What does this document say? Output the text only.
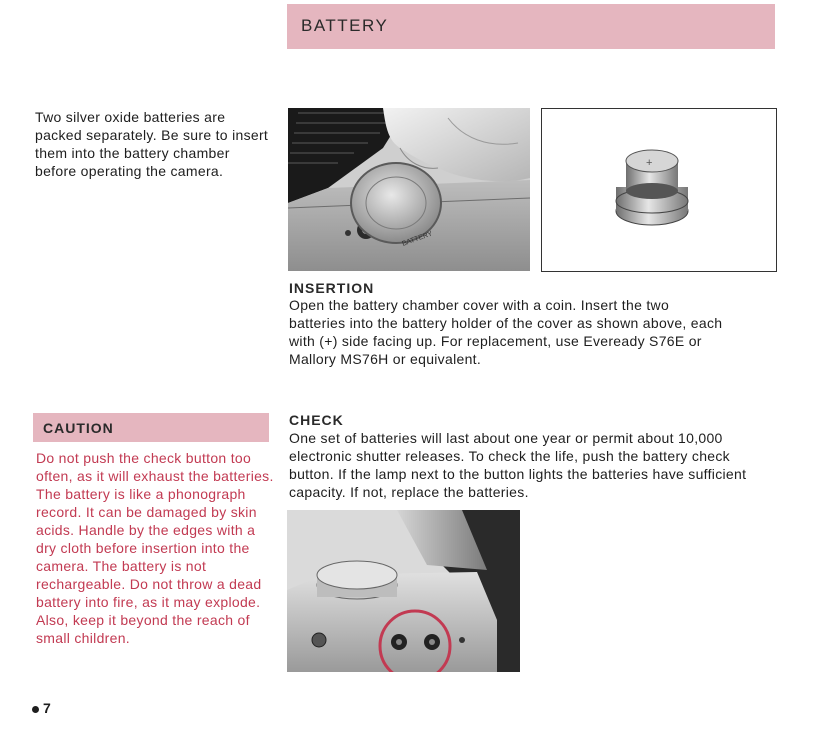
BATTERY
Two silver oxide batteries are packed separately. Be sure to insert them into the battery chamber before operating the camera.
BATTERY
+
INSERTION
Open the battery chamber cover with a coin. Insert the two batteries into the battery holder of the cover as shown above, each with (+) side facing up. For replacement, use Eveready S76E or Mallory MS76H or equivalent.
CHECK
One set of batteries will last about one year or permit about 10,000 electronic shutter releases. To check the life, push the battery check button. If the lamp next to the button lights the batteries have sufficient capacity. If not, replace the batteries.
CAUTION
Do not push the check button too often, as it will exhaust the batteries. The battery is like a phonograph record. It can be damaged by skin acids. Handle by the edges with a dry cloth before insertion into the camera. The battery is not rechargeable. Do not throw a dead battery into fire, as it may explode. Also, keep it beyond the reach of small children.
7
